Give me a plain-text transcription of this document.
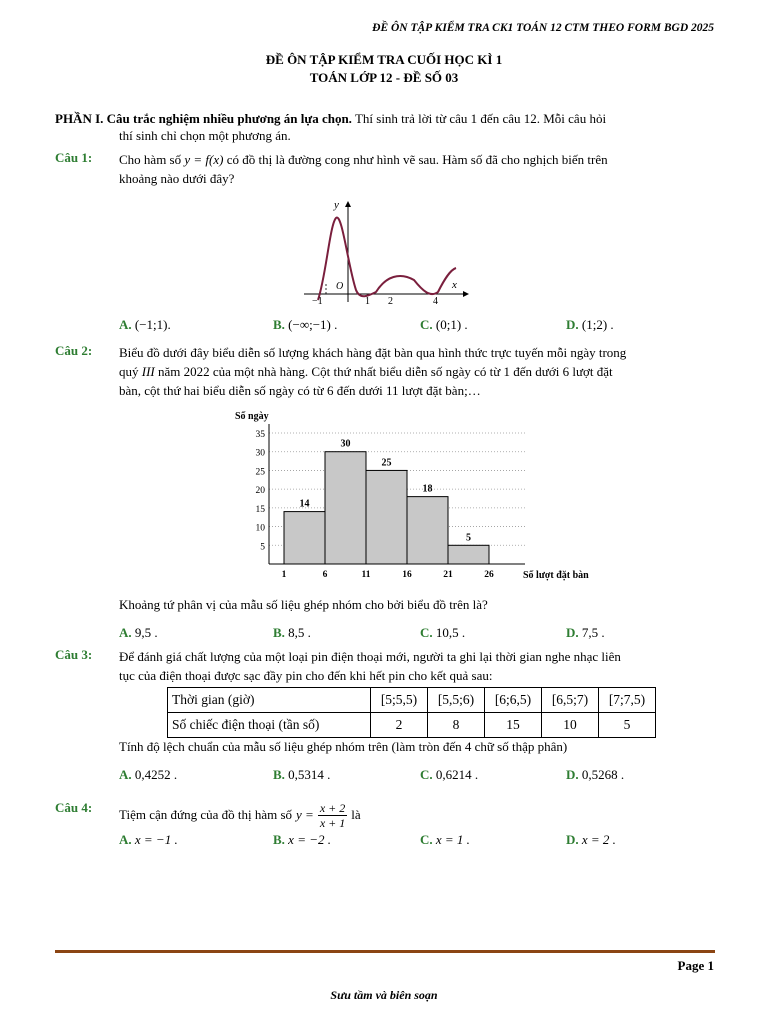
ĐỀ ÔN TẬP KIỂM TRA CK1 TOÁN 12 CTM THEO FORM BGD 2025
ĐỀ ÔN TẬP KIỂM TRA CUỐI HỌC KÌ 1
TOÁN LỚP 12 - ĐỀ SỐ 03
PHẦN I. Câu trắc nghiệm nhiều phương án lựa chọn. Thí sinh trả lời từ câu 1 đến câu 12. Mỗi câu hỏi
thí sinh chỉ chọn một phương án.
Câu 1: Cho hàm số y = f(x) có đồ thị là đường cong như hình vẽ sau. Hàm số đã cho nghịch biến trên
khoảng nào dưới đây?
y
x
O
−1	1 2	4
A. (−1;1).	B. (−∞;−1) .	C. (0;1) .	D. (1;2) .
Câu 2: Biểu đồ dưới đây biểu diễn số lượng khách hàng đặt bàn qua hình thức trực tuyến mỗi ngày trong
quý III năm 2022 của một nhà hàng. Cột thứ nhất biểu diễn số ngày có từ 1 đến dưới 6 lượt đặt
bàn, cột thứ hai biểu diễn số ngày có từ 6 đến dưới 11 lượt đặt bàn;…
5
10
15
20
25
30
35
14
30
25
18
5
1	6	11	16	21	26
Số ngày
Số lượt đặt bàn
Khoảng tứ phân vị của mẫu số liệu ghép nhóm cho bởi biểu đồ trên là?
A. 9,5 .	B. 8,5 .	C. 10,5 .	D. 7,5 .
Câu 3: Để đánh giá chất lượng của một loại pin điện thoại mới, người ta ghi lại thời gian nghe nhạc liên
tục của điện thoại được sạc đầy pin cho đến khi hết pin cho kết quả sau:
Thời gian (giờ)	[5;5,5)	[5,5;6)	[6;6,5)	[6,5;7)	[7;7,5)
Số chiếc điện thoại (tần số)	2	8	15	10	5
Tính độ lệch chuẩn của mẫu số liệu ghép nhóm trên (làm tròn đến 4 chữ số thập phân)
A. 0,4252 .	B. 0,5314 .	C. 0,6214 .	D. 0,5268 .
Câu 4: Tiệm cận đứng của đồ thị hàm số $y = \frac{x + 2}{x + 1}$ là
A. x = −1 .	B. x = −2 .	C. x = 1 .	D. x = 2 .
Page 1
Sưu tầm và biên soạn
